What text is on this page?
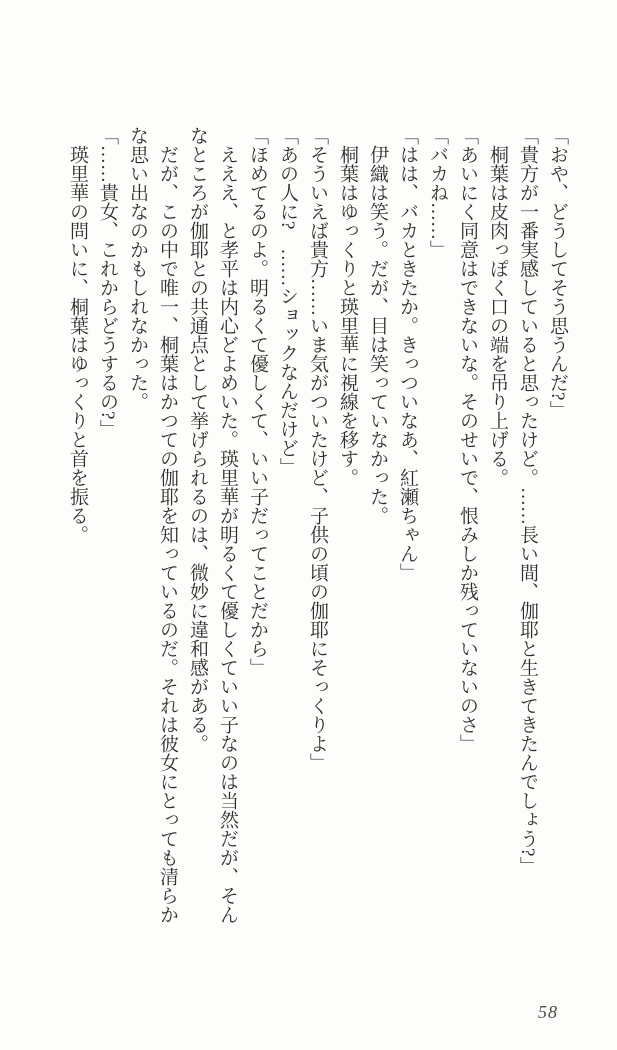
「おや、どうしてそう思うんだ?」

「貴方が一番実感していると思ったけど。……長い間、伽耶と生きてきたんでしょう?」

桐葉は皮肉っぽく口の端を吊り上げる。

「あいにく同意はできないな。そのせいで、恨みしか残っていないのさ」

「バカね……」

「はは、バカときたか。きっついなあ、紅瀬ちゃん」

伊織は笑う。だが、目は笑っていなかった。

桐葉はゆっくりと瑛里華に視線を移す。

「そういえば貴方……いま気がついたけど、子供の頃の伽耶にそっくりよ」

「あの人に?　……ショックなんだけど」

「ほめてるのよ。明るくて優しくて、いい子だってことだから」

えええ、と孝平は内心どよめいた。瑛里華が明るくて優しくていい子なのは当然だが、そんなところが伽耶との共通点として挙げられるのは、微妙に違和感がある。

だが、この中で唯一、桐葉はかつての伽耶を知っているのだ。それは彼女にとっても清らかな思い出なのかもしれなかった。

「……貴女、これからどうするの?」

瑛里華の問いに、桐葉はゆっくりと首を振る。

58
